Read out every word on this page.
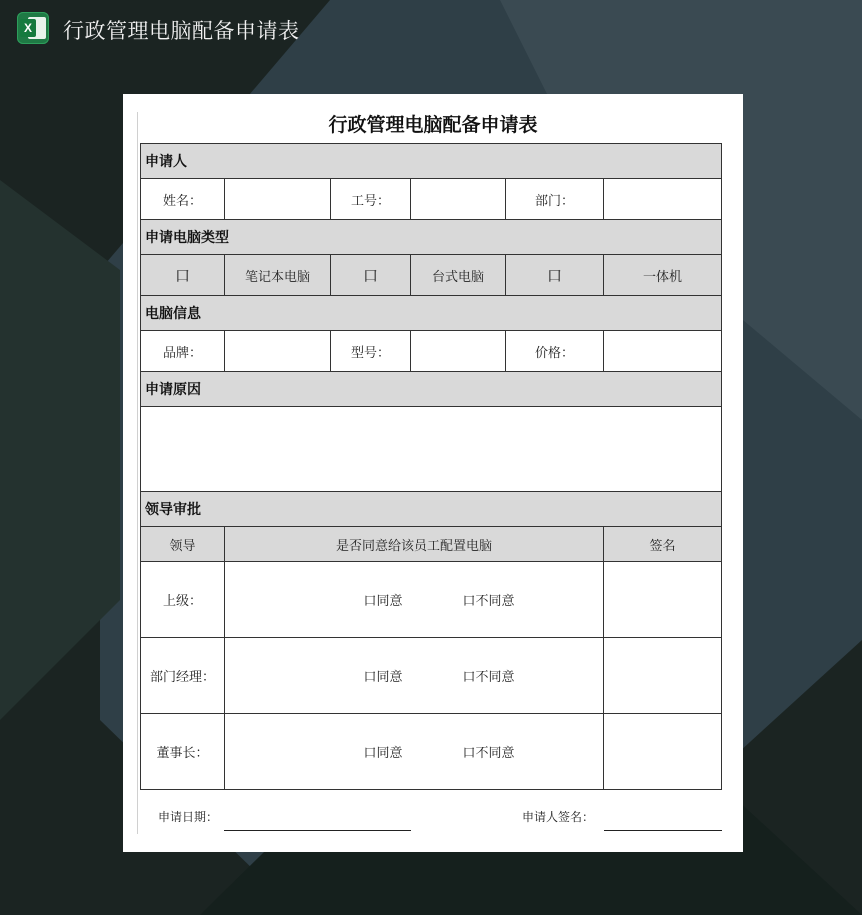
X 行政管理电脑配备申请表
行政管理电脑配备申请表
申请人					
姓名：		工号：		部门：	
申请电脑类型					
口	笔记本电脑	口	台式电脑	口	一体机
电脑信息					
品牌：		型号：		价格：	
申请原因					

领导审批					
领导	是否同意给该员工配置电脑				签名
上级：	口同意		口不同意		
部门经理：	口同意		口不同意		
董事长：	口同意		口不同意		
申请日期：	申请人签名：
